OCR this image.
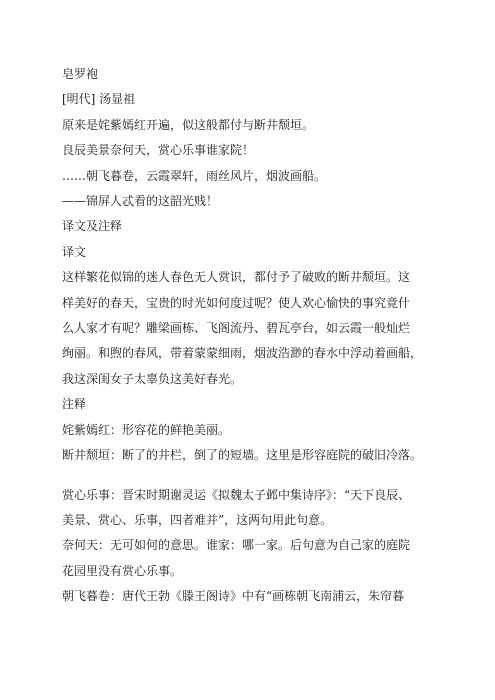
皂罗袍
[明代] 汤显祖
原来是姹紫嫣红开遍，似这般都付与断井颓垣。
良辰美景奈何天，赏心乐事谁家院！
……朝飞暮卷，云霞翠轩，雨丝风片，烟波画船。
——锦屏人忒看的这韶光贱！
译文及注释
译文
这样繁花似锦的迷人春色无人赏识，都付予了破败的断井颓垣。这
样美好的春天，宝贵的时光如何度过呢？使人欢心愉快的事究竟什
么人家才有呢？雕梁画栋、飞阁流丹、碧瓦亭台，如云霞一般灿烂
绚丽。和煦的春风，带着蒙蒙细雨，烟波浩渺的春水中浮动着画船，
我这深闺女子太辜负这美好春光。
注释
姹紫嫣红：形容花的鲜艳美丽。
断井颓垣：断了的井栏，倒了的短墙。这里是形容庭院的破旧冷落。
赏心乐事：晋宋时期谢灵运《拟魏太子邺中集诗序》：“天下良辰、
美景、赏心、乐事，四者难并”，这两句用此句意。
奈何天：无可如何的意思。谁家：哪一家。后句意为自己家的庭院
花园里没有赏心乐事。
朝飞暮卷：唐代王勃《滕王阁诗》中有“画栋朝飞南浦云，朱帘暮
